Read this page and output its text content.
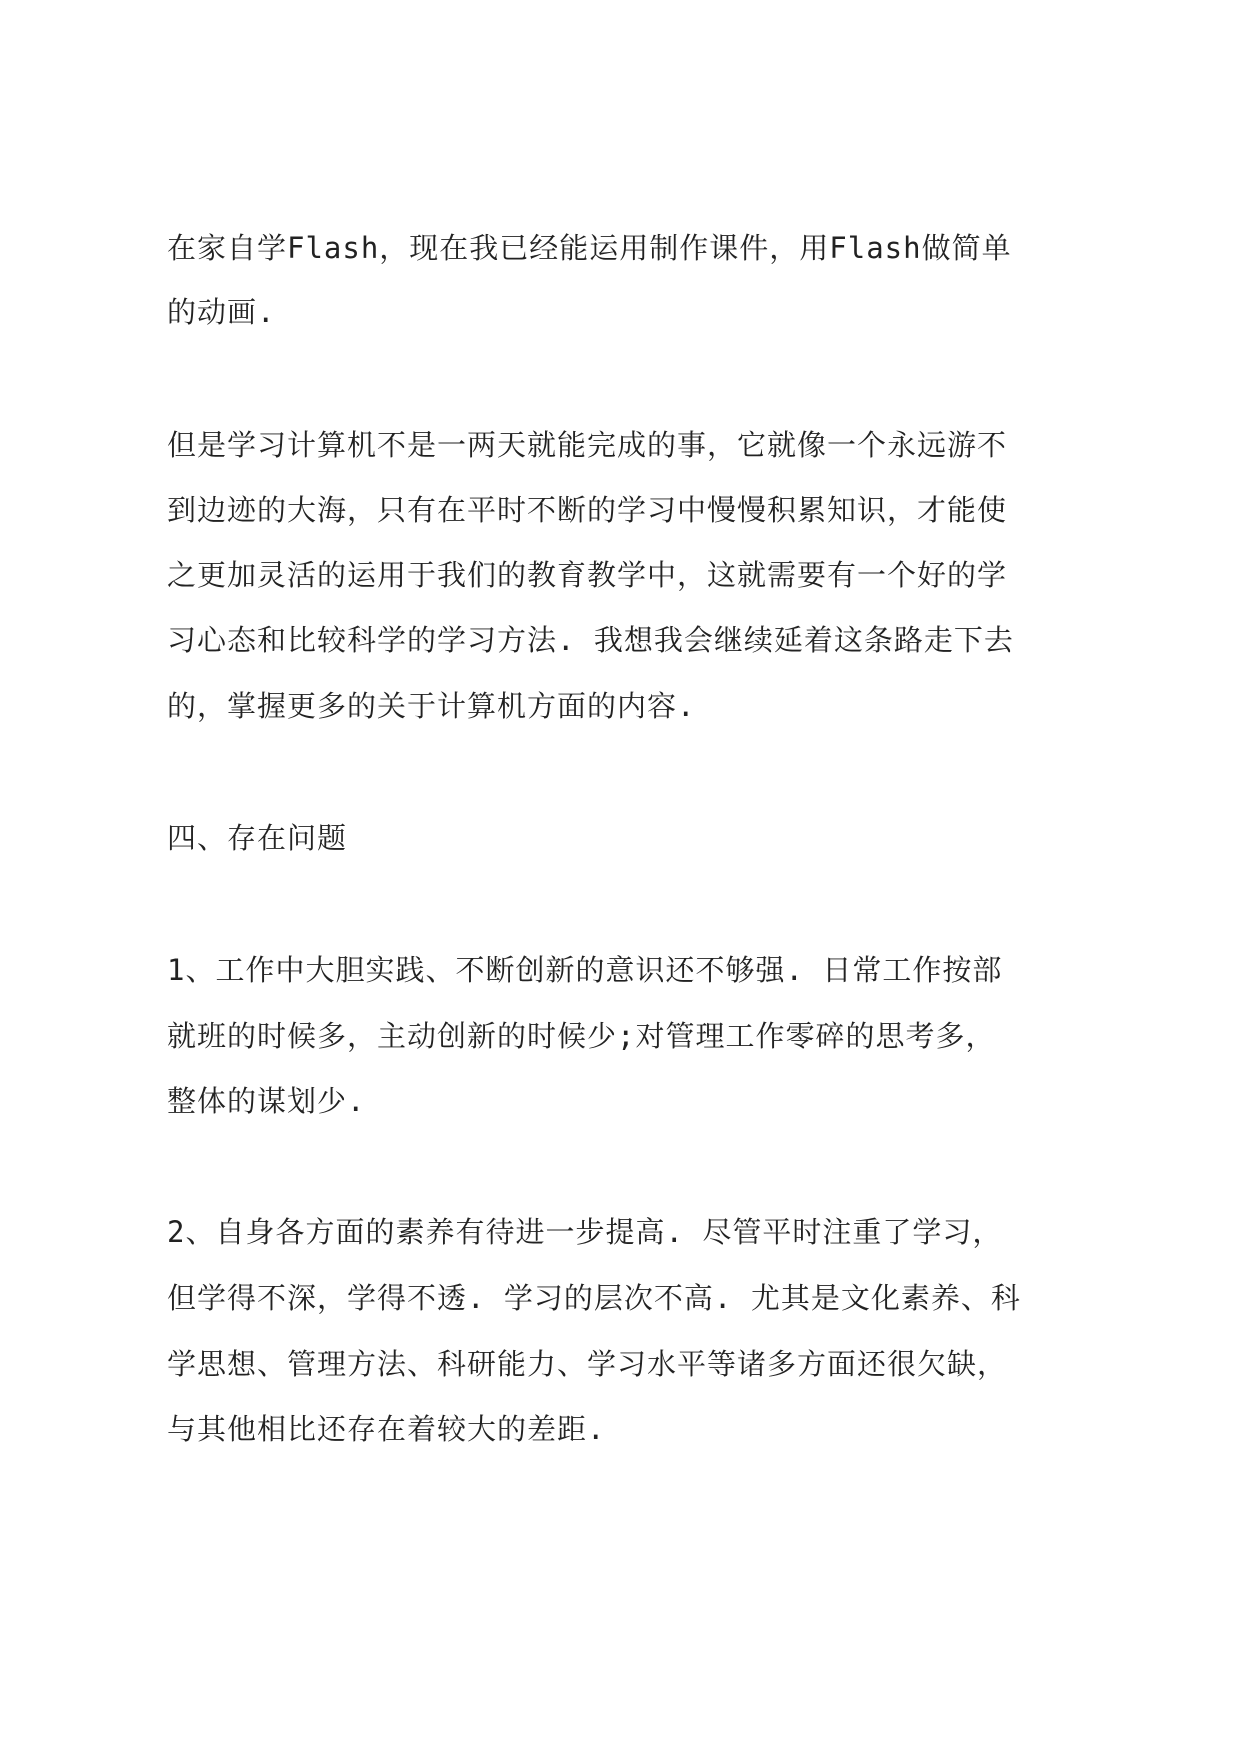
在家自学Flash，现在我已经能运用制作课件，用Flash做简单

的动画.

但是学习计算机不是一两天就能完成的事，它就像一个永远游不

到边迹的大海，只有在平时不断的学习中慢慢积累知识，才能使

之更加灵活的运用于我们的教育教学中，这就需要有一个好的学

习心态和比较科学的学习方法. 我想我会继续延着这条路走下去

的，掌握更多的关于计算机方面的内容.

四、存在问题

1、工作中大胆实践、不断创新的意识还不够强. 日常工作按部

就班的时候多，主动创新的时候少;对管理工作零碎的思考多，

整体的谋划少.

2、自身各方面的素养有待进一步提高. 尽管平时注重了学习，

但学得不深，学得不透. 学习的层次不高. 尤其是文化素养、科

学思想、管理方法、科研能力、学习水平等诸多方面还很欠缺，

与其他相比还存在着较大的差距.
